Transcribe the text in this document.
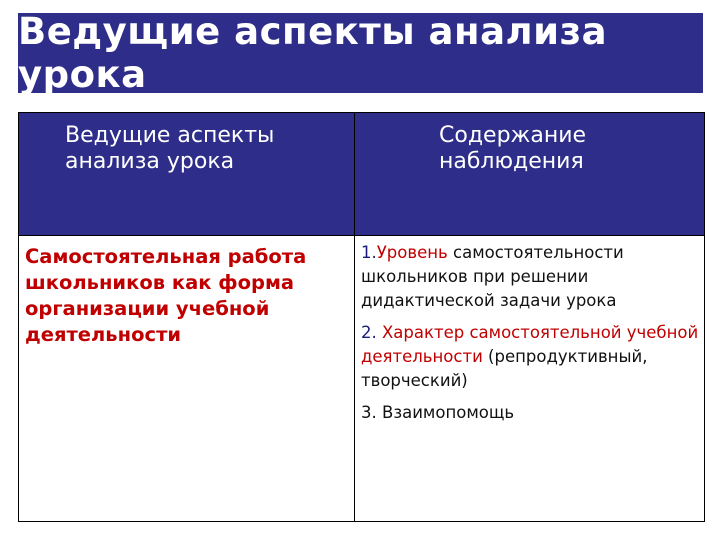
Ведущие аспекты анализа урока
Ведущие аспекты анализа урока	Содержание наблюдения

Самостоятельная работа школьников как форма организации учебной деятельности	1.Уровень самостоятельности школьников при решении дидактической задачи урока
2. Характер самостоятельной учебной деятельности (репродуктивный, творческий)
3. Взаимопомощь
